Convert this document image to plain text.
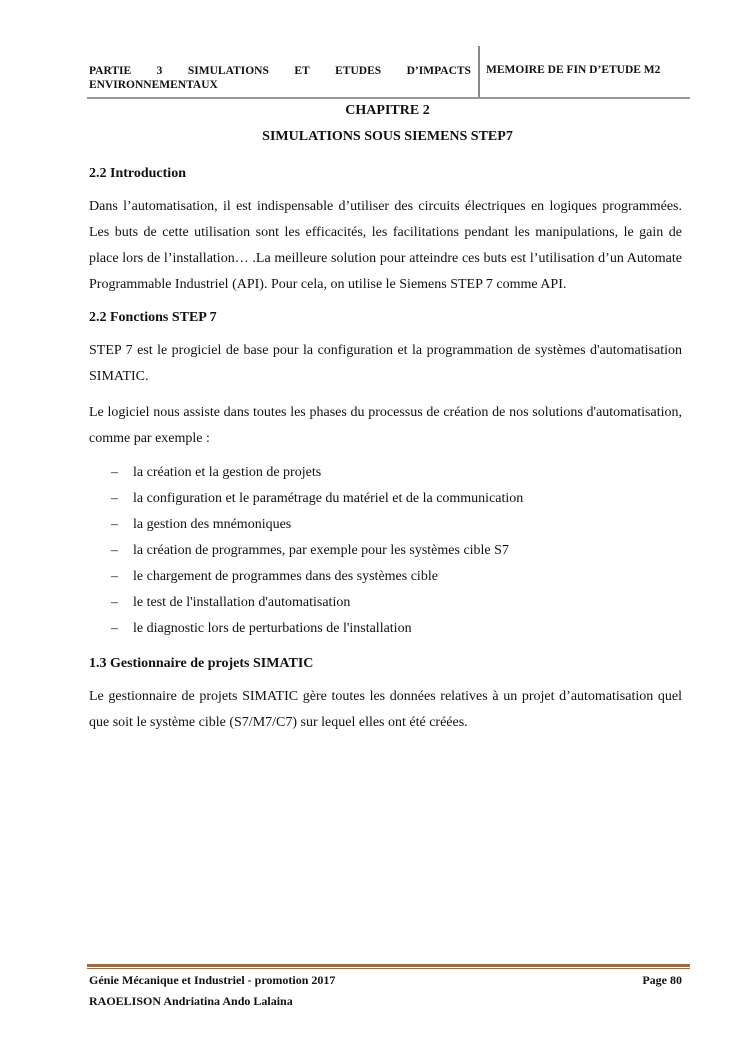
PARTIE 3 SIMULATIONS ET ETUDES D’IMPACTS
ENVIRONNEMENTAUX
MEMOIRE DE FIN D’ETUDE M2
CHAPITRE 2
SIMULATIONS SOUS SIEMENS STEP7
2.2 Introduction

Dans l’automatisation, il est indispensable d’utiliser des circuits électriques en logiques programmées. Les buts de cette utilisation sont les efficacités, les facilitations pendant les manipulations, le gain de place lors de l’installation… .La meilleure solution pour atteindre ces buts est l’utilisation d’un Automate Programmable Industriel (API). Pour cela, on utilise le Siemens STEP 7 comme API.

2.2 Fonctions STEP 7

STEP 7 est le progiciel de base pour la configuration et la programmation de systèmes d'automatisation SIMATIC.

Le logiciel nous assiste dans toutes les phases du processus de création de nos solutions d'automatisation, comme par exemple :

– la création et la gestion de projets
– la configuration et le paramétrage du matériel et de la communication
– la gestion des mnémoniques
– la création de programmes, par exemple pour les systèmes cible S7
– le chargement de programmes dans des systèmes cible
– le test de l'installation d'automatisation
– le diagnostic lors de perturbations de l'installation
1.3 Gestionnaire de projets SIMATIC

Le gestionnaire de projets SIMATIC gère toutes les données relatives à un projet d’automatisation quel que soit le système cible (S7/M7/C7) sur lequel elles ont été créées.

Génie Mécanique et Industriel - promotion 2017	Page 80
RAOELISON Andriatina Ando Lalaina
